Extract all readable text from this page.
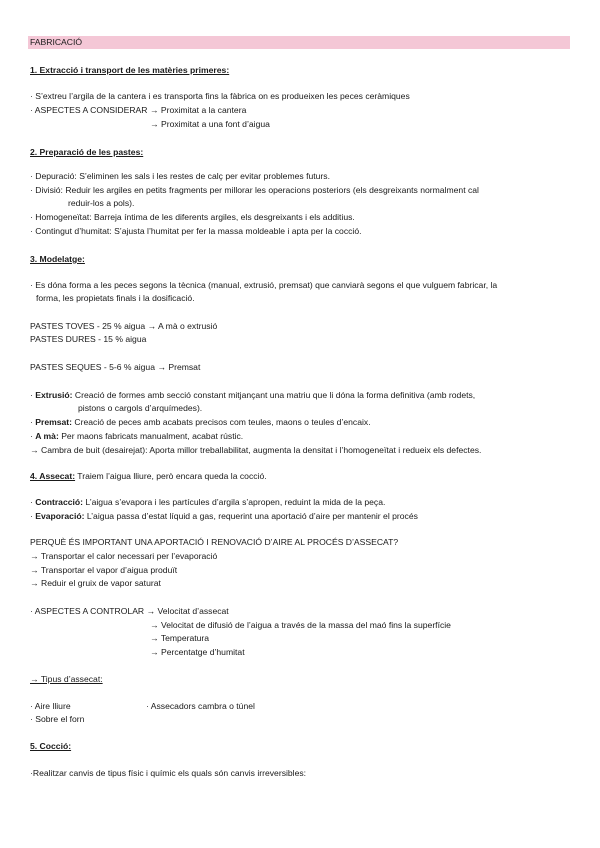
FABRICACIÓ
1. Extracció i transport de les matèries primeres:
· S’extreu l’argila de la cantera i es transporta fins la fàbrica on es produeixen les peces ceràmiques
· ASPECTES A CONSIDERAR → Proximitat a la cantera
→ Proximitat a una font d’aigua
2. Preparació de les pastes:
· Depuració: S’eliminen les sals i les restes de calç per evitar problemes futurs.
· Divisió: Reduir les argiles en petits fragments per millorar les operacions posteriors (els desgreixants normalment cal
reduir-los a pols).
· Homogeneïtat: Barreja íntima de les diferents argiles, els desgreixants i els additius.
· Contingut d’humitat: S’ajusta l’humitat per fer la massa moldeable i apta per la cocció.
3. Modelatge:
· Es dóna forma a les peces segons la tècnica (manual, extrusió, premsat) que canviarà segons el que vulguem fabricar, la
forma, les propietats finals i la dosificació.
PASTES TOVES - 25 % aigua → A mà o extrusió
PASTES DURES - 15 % aigua
PASTES SEQUES - 5-6 % aigua → Premsat
· Extrusió: Creació de formes amb secció constant mitjançant una matriu que li dóna la forma definitiva (amb rodets,
pistons o cargols d’arquímedes).
· Premsat: Creació de peces amb acabats precisos com teules, maons o teules d’encaix.
· A mà: Per maons fabricats manualment, acabat rústic.
→ Cambra de buit (desairejat): Aporta millor treballabilitat, augmenta la densitat i l’homogeneïtat i redueix els defectes.
4. Assecat: Traiem l’aigua lliure, però encara queda la cocció.
· Contracció: L’aigua s’evapora i les partícules d’argila s’apropen, reduint la mida de la peça.
· Evaporació: L’aigua passa d’estat líquid a gas, requerint una aportació d’aire per mantenir el procés
PERQUÈ ÉS IMPORTANT UNA APORTACIÓ I RENOVACIÓ D’AIRE AL PROCÉS D’ASSECAT?
→ Transportar el calor necessari per l’evaporació
→ Transportar el vapor d’aigua produït
→ Reduir el gruix de vapor saturat
· ASPECTES A CONTROLAR → Velocitat d’assecat
→ Velocitat de difusió de l’aigua a través de la massa del maó fins la superfície
→ Temperatura
→ Percentatge d’humitat
→ Tipus d’assecat:
· Aire lliure	· Assecadors cambra o túnel
· Sobre el forn
5. Cocció:
·Realitzar canvis de tipus físic i químic els quals són canvis irreversibles:
